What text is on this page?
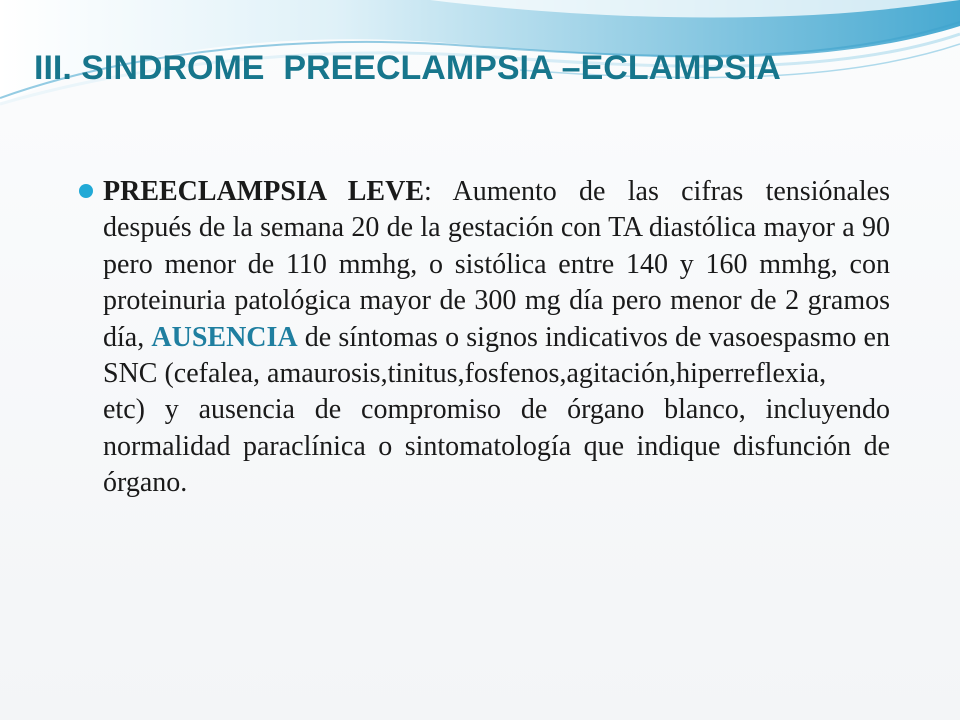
III. SINDROME  PREECLAMPSIA –ECLAMPSIA
PREECLAMPSIA LEVE: Aumento de las cifras tensiónales después de la semana 20 de la gestación con TA diastólica mayor a 90 pero menor de 110 mmhg, o sistólica entre 140 y 160 mmhg, con proteinuria patológica mayor de 300 mg día pero menor de 2 gramos día, AUSENCIA de síntomas o signos indicativos de vasoespasmo en SNC (cefalea, amaurosis,tinitus,fosfenos,agitación,hiperreflexia,
etc) y ausencia de compromiso de órgano blanco, incluyendo normalidad paraclínica o sintomatología que indique disfunción de órgano.
